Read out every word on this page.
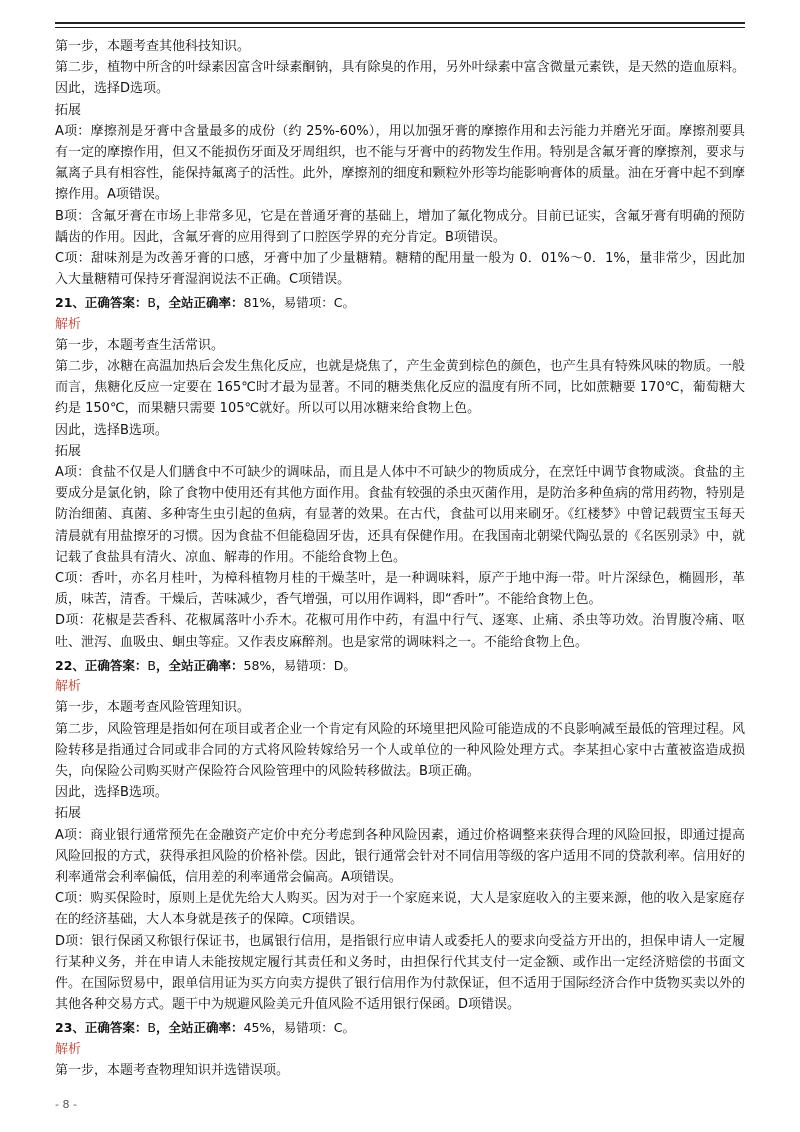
第一步，本题考查其他科技知识。

第二步，植物中所含的叶绿素因富含叶绿素酮钠，具有除臭的作用，另外叶绿素中富含微量元素铁，是天然的造血原料。因此，选择D选项。

拓展

A项：摩擦剂是牙膏中含量最多的成份（约 25%-60%），用以加强牙膏的摩擦作用和去污能力并磨光牙面。摩擦剂要具有一定的摩擦作用，但又不能损伤牙面及牙周组织，也不能与牙膏中的药物发生作用。特别是含氟牙膏的摩擦剂，要求与氟离子具有相容性，能保持氟离子的活性。此外，摩擦剂的细度和颗粒外形等均能影响膏体的质量。油在牙膏中起不到摩擦作用。A项错误。

B项：含氟牙膏在市场上非常多见，它是在普通牙膏的基础上，增加了氟化物成分。目前已证实，含氟牙膏有明确的预防龋齿的作用。因此，含氟牙膏的应用得到了口腔医学界的充分肯定。B项错误。

C项：甜味剂是为改善牙膏的口感，牙膏中加了少量糖精。糖精的配用量一般为 0．01%～0．1%，量非常少，因此加入大量糖精可保持牙膏湿润说法不正确。C项错误。

21、正确答案：B，全站正确率：81%，易错项：C。

解析

第一步，本题考查生活常识。

第二步，冰糖在高温加热后会发生焦化反应，也就是烧焦了，产生金黄到棕色的颜色，也产生具有特殊风味的物质。一般而言，焦糖化反应一定要在 165℃时才最为显著。不同的糖类焦化反应的温度有所不同，比如蔗糖要 170℃，葡萄糖大约是 150℃，而果糖只需要 105℃就好。所以可以用冰糖来给食物上色。

因此，选择B选项。

拓展

A项：食盐不仅是人们膳食中不可缺少的调味品，而且是人体中不可缺少的物质成分，在烹饪中调节食物咸淡。食盐的主要成分是氯化钠，除了食物中使用还有其他方面作用。食盐有较强的杀虫灭菌作用，是防治多种鱼病的常用药物，特别是防治细菌、真菌、多种寄生虫引起的鱼病，有显著的效果。在古代，食盐可以用来刷牙。《红楼梦》中曾记载贾宝玉每天清晨就有用盐擦牙的习惯。因为食盐不但能稳固牙齿，还具有保健作用。在我国南北朝梁代陶弘景的《名医别录》中，就记载了食盐具有清火、凉血、解毒的作用。不能给食物上色。

C项：香叶，亦名月桂叶，为樟科植物月桂的干燥茎叶，是一种调味料，原产于地中海一带。叶片深绿色，椭圆形，革质，味苦，清香。干燥后，苦味减少，香气增强，可以用作调料，即“香叶”。不能给食物上色。

D项：花椒是芸香科、花椒属落叶小乔木。花椒可用作中药，有温中行气、逐寒、止痛、杀虫等功效。治胃腹冷痛、呕吐、泄泻、血吸虫、蛔虫等症。又作表皮麻醉剂。也是家常的调味料之一。不能给食物上色。

22、正确答案：B，全站正确率：58%，易错项：D。

解析

第一步，本题考查风险管理知识。

第二步，风险管理是指如何在项目或者企业一个肯定有风险的环境里把风险可能造成的不良影响减至最低的管理过程。风险转移是指通过合同或非合同的方式将风险转嫁给另一个人或单位的一种风险处理方式。李某担心家中古董被盗造成损失，向保险公司购买财产保险符合风险管理中的风险转移做法。B项正确。

因此，选择B选项。

拓展

A项：商业银行通常预先在金融资产定价中充分考虑到各种风险因素，通过价格调整来获得合理的风险回报，即通过提高风险回报的方式，获得承担风险的价格补偿。因此，银行通常会针对不同信用等级的客户适用不同的贷款利率。信用好的利率通常会利率偏低，信用差的利率通常会偏高。A项错误。

C项：购买保险时，原则上是优先给大人购买。因为对于一个家庭来说，大人是家庭收入的主要来源，他的收入是家庭存在的经济基础，大人本身就是孩子的保障。C项错误。

D项：银行保函又称银行保证书，也属银行信用，是指银行应申请人或委托人的要求向受益方开出的，担保申请人一定履行某种义务，并在申请人未能按规定履行其责任和义务时，由担保行代其支付一定金额、或作出一定经济赔偿的书面文件。在国际贸易中，跟单信用证为买方向卖方提供了银行信用作为付款保证，但不适用于国际经济合作中货物买卖以外的其他各种交易方式。题干中为规避风险美元升值风险不适用银行保函。D项错误。

23、正确答案：B，全站正确率：45%，易错项：C。

解析

第一步，本题考查物理知识并选错误项。

- 8 -
